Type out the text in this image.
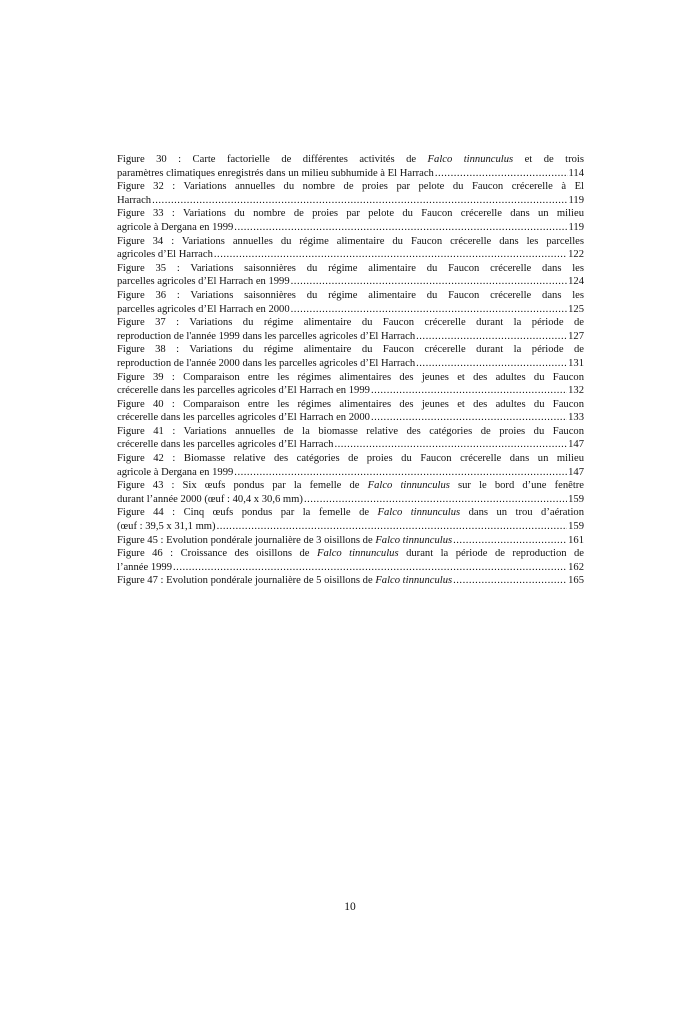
Figure 30 : Carte factorielle de différentes activités de Falco tinnunculus et de trois
paramètres climatiques enregistrés dans un milieu subhumide à El Harrach .....	114
Figure 32 : Variations annuelles du nombre de proies par pelote du Faucon crécerelle à El
Harrach .....	119
Figure 33 : Variations du nombre de proies par pelote du Faucon crécerelle dans un milieu
agricole à Dergana en 1999 .....	119
Figure 34 : Variations annuelles du régime alimentaire du Faucon crécerelle dans les parcelles
agricoles d’El Harrach .....	122
Figure 35 : Variations saisonnières du régime alimentaire du Faucon crécerelle dans les
parcelles agricoles d’El Harrach en 1999 .....	124
Figure 36 : Variations saisonnières du régime alimentaire du Faucon crécerelle dans les
parcelles agricoles d’El Harrach en 2000 .....	125
Figure 37 : Variations du régime alimentaire du Faucon crécerelle durant la période de
reproduction de l'année 1999 dans les parcelles agricoles d’El Harrach .....	127
Figure 38 : Variations du régime alimentaire du Faucon crécerelle durant la période de
reproduction de l'année 2000 dans les parcelles agricoles d’El Harrach .....	131
Figure 39 : Comparaison entre les régimes alimentaires des jeunes et des adultes du Faucon
crécerelle dans les parcelles agricoles d’El Harrach en 1999 .....	132
Figure 40 : Comparaison entre les régimes alimentaires des jeunes et des adultes du Faucon
crécerelle dans les parcelles agricoles d’El Harrach en 2000 .....	133
Figure 41 : Variations annuelles de la biomasse relative des catégories de proies du Faucon
crécerelle dans les parcelles agricoles d’El Harrach .....	147
Figure 42 : Biomasse relative des catégories de proies du Faucon crécerelle dans un milieu
agricole à Dergana en 1999 .....	147
Figure 43 : Six œufs pondus par la femelle de Falco tinnunculus sur le bord d’une fenêtre
durant l’année 2000 (œuf : 40,4 x 30,6 mm) .....	159
Figure 44 : Cinq œufs pondus par la femelle de Falco tinnunculus dans un trou d’aération
(œuf : 39,5 x 31,1 mm) .....	159
Figure 45 : Evolution pondérale journalière de 3 oisillons de Falco tinnunculus .....	161
Figure 46 : Croissance des oisillons de Falco tinnunculus durant la période de reproduction de
l’année 1999 .....	162
Figure 47 : Evolution pondérale journalière de 5 oisillons de Falco tinnunculus .....	165
10
